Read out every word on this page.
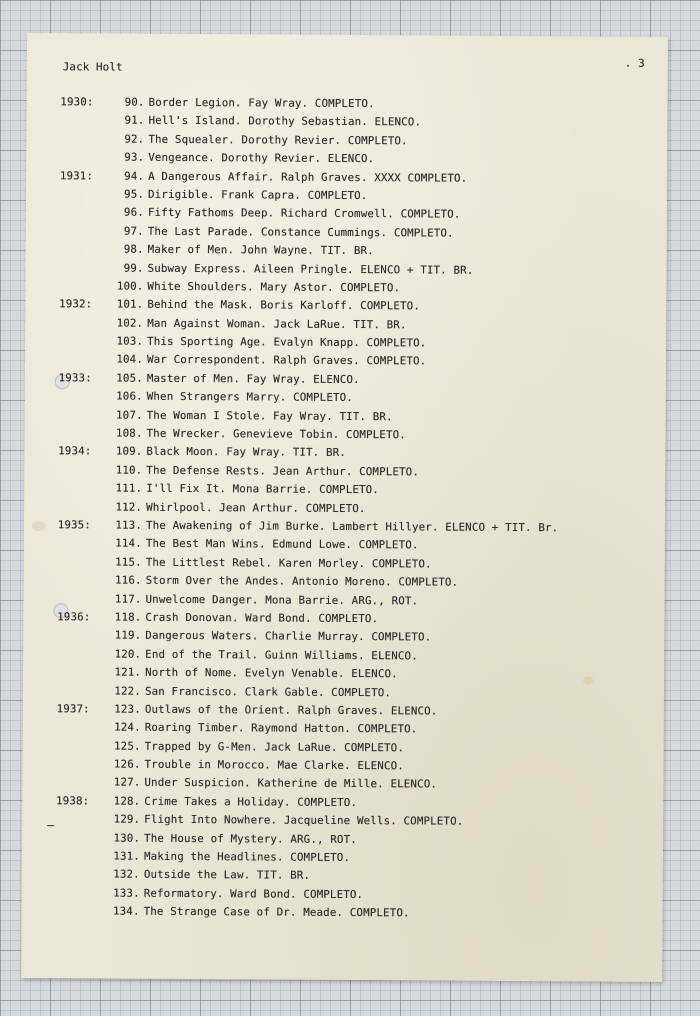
Jack Holt	. 3
1930:	90. Border Legion. Fay Wray. COMPLETO.
91. Hell's Island. Dorothy Sebastian. ELENCO.
92. The Squealer. Dorothy Revier. COMPLETO.
93. Vengeance. Dorothy Revier. ELENCO.
1931:	94. A Dangerous Affair. Ralph Graves. XXXX COMPLETO.
95. Dirigible. Frank Capra. COMPLETO.
96. Fifty Fathoms Deep. Richard Cromwell. COMPLETO.
97. The Last Parade. Constance Cummings. COMPLETO.
98. Maker of Men. John Wayne. TIT. BR.
99. Subway Express. Aileen Pringle. ELENCO + TIT. BR.
100. White Shoulders. Mary Astor. COMPLETO.
1932: 101. Behind the Mask. Boris Karloff. COMPLETO.
102. Man Against Woman. Jack LaRue. TIT. BR.
103. This Sporting Age. Evalyn Knapp. COMPLETO.
104. War Correspondent. Ralph Graves. COMPLETO.
1933: 105. Master of Men. Fay Wray. ELENCO.
106. When Strangers Marry. COMPLETO.
107. The Woman I Stole. Fay Wray. TIT. BR.
108. The Wrecker. Genevieve Tobin. COMPLETO.
1934: 109. Black Moon. Fay Wray. TIT. BR.
110. The Defense Rests. Jean Arthur. COMPLETO.
111. I'll Fix It. Mona Barrie. COMPLETO.
112. Whirlpool. Jean Arthur. COMPLETO.
1935: 113. The Awakening of Jim Burke. Lambert Hillyer. ELENCO + TIT. Br.
114. The Best Man Wins. Edmund Lowe. COMPLETO.
115. The Littlest Rebel. Karen Morley. COMPLETO.
116. Storm Over the Andes. Antonio Moreno. COMPLETO.
117. Unwelcome Danger. Mona Barrie. ARG., ROT.
1936: 118. Crash Donovan. Ward Bond. COMPLETO.
119. Dangerous Waters. Charlie Murray. COMPLETO.
120. End of the Trail. Guinn Williams. ELENCO.
121. North of Nome. Evelyn Venable. ELENCO.
122. San Francisco. Clark Gable. COMPLETO.
1937: 123. Outlaws of the Orient. Ralph Graves. ELENCO.
124. Roaring Timber. Raymond Hatton. COMPLETO.
125. Trapped by G-Men. Jack LaRue. COMPLETO.
126. Trouble in Morocco. Mae Clarke. ELENCO.
127. Under Suspicion. Katherine de Mille. ELENCO.
1938: 128. Crime Takes a Holiday. COMPLETO.
129. Flight Into Nowhere. Jacqueline Wells. COMPLETO.
130. The House of Mystery. ARG., ROT.
131. Making the Headlines. COMPLETO.
132. Outside the Law. TIT. BR.
133. Reformatory. Ward Bond. COMPLETO.
134. The Strange Case of Dr. Meade. COMPLETO.
